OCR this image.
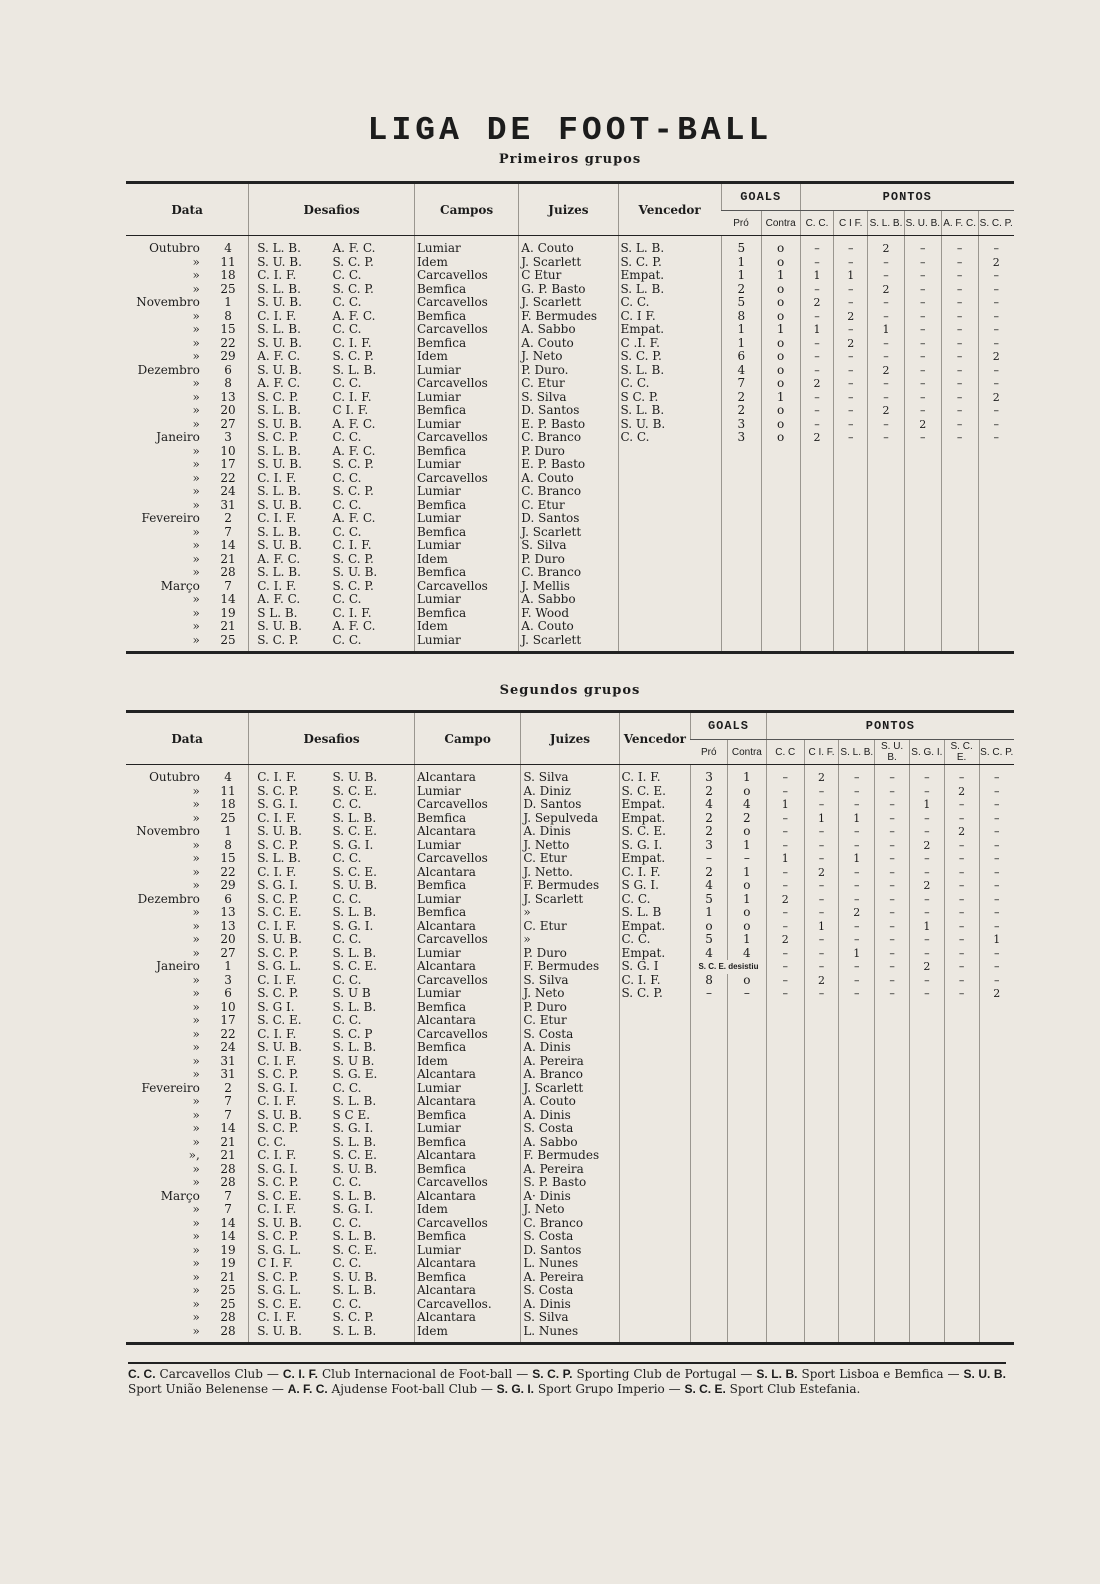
LIGA DE FOOT-BALL
Primeiros grupos
Data		Desafios		Campos	Juizes	Vencedor	GOALS		PONTOS					
							Pró	Contra	C. C.	C I F.	S. L. B.	S. U. B.	A. F. C.	S. C. P.
Outubro	4	S. L. B.	A. F. C.	Lumiar	A. Couto	S. L. B.	5	o	–	–	2	–	–	–
»	11	S. U. B.	S. C. P.	Idem	J. Scarlett	S. C. P.	1	o	–	–	–	–	–	2
»	18	C. I. F.	C. C.	Carcavellos	C Etur	Empat.	1	1	1	1	–	–	–	–
»	25	S. L. B.	S. C. P.	Bemfica	G. P. Basto	S. L. B.	2	o	–	–	2	–	–	–
Novembro	1	S. U. B.	C. C.	Carcavellos	J. Scarlett	C. C.	5	o	2	–	–	–	–	–
»	8	C. I. F.	A. F. C.	Bemfica	F. Bermudes	C. I F.	8	o	–	2	–	–	–	–
»	15	S. L. B.	C. C.	Carcavellos	A. Sabbo	Empat.	1	1	1	–	1	–	–	–
»	22	S. U. B.	C. I. F.	Bemfica	A. Couto	C .I. F.	1	o	–	2	–	–	–	–
»	29	A. F. C.	S. C. P.	Idem	J. Neto	S. C. P.	6	o	–	–	–	–	–	2
Dezembro	6	S. U. B.	S. L. B.	Lumiar	P. Duro.	S. L. B.	4	o	–	–	2	–	–	–
»	8	A. F. C.	C. C.	Carcavellos	C. Etur	C. C.	7	o	2	–	–	–	–	–
»	13	S. C. P.	C. I. F.	Lumiar	S. Silva	S C. P.	2	1	–	–	–	–	–	2
»	20	S. L. B.	C I. F.	Bemfica	D. Santos	S. L. B.	2	o	–	–	2	–	–	–
»	27	S. U. B.	A. F. C.	Lumiar	E. P. Basto	S. U. B.	3	o	–	–	–	2	–	–
Janeiro	3	S. C. P.	C. C.	Carcavellos	C. Branco	C. C.	3	o	2	–	–	–	–	–
»	10	S. L. B.	A. F. C.	Bemfica	P. Duro									
»	17	S. U. B.	S. C. P.	Lumiar	E. P. Basto									
»	22	C. I. F.	C. C.	Carcavellos	A. Couto									
»	24	S. L. B.	S. C. P.	Lumiar	C. Branco									
»	31	S. U. B.	C. C.	Bemfica	C. Etur									
Fevereiro	2	C. I. F.	A. F. C.	Lumiar	D. Santos									
»	7	S. L. B.	C. C.	Bemfica	J. Scarlett									
»	14	S. U. B.	C. I. F.	Lumiar	S. Silva									
»	21	A. F. C.	S. C. P.	Idem	P. Duro									
»	28	S. L. B.	S. U. B.	Bemfica	C. Branco									
Março	7	C. I. F.	S. C. P.	Carcavellos	J. Mellis									
»	14	A. F. C.	C. C.	Lumiar	A. Sabbo									
»	19	S L. B.	C. I. F.	Bemfica	F. Wood									
»	21	S. U. B.	A. F. C.	Idem	A. Couto									
»	25	S. C. P.	C. C.	Lumiar	J. Scarlett									
Segundos grupos
Data		Desafios		Campo	Juizes	Vencedor	GOALS		PONTOS						
							Pró	Contra	C. C	C I. F.	S. L. B.	S. U. B.	S. G. I.	S. C. E.	S. C. P.
Outubro	4	C. I. F.	S. U. B.	Alcantara	S. Silva	C. I. F.	3	1	–	2	–	–	–	–	–
»	11	S. C. P.	S. C. E.	Lumiar	A. Diniz	S. C. E.	2	o	–	–	–	–	–	2	–
»	18	S. G. I.	C. C.	Carcavellos	D. Santos	Empat.	4	4	1	–	–	–	1	–	–
»	25	C. I. F.	S. L. B.	Bemfica	J. Sepulveda	Empat.	2	2	–	1	1	–	–	–	–
Novembro	1	S. U. B.	S. C. E.	Alcantara	A. Dinis	S. C. E.	2	o	–	–	–	–	–	2	–
»	8	S. C. P.	S. G. I.	Lumiar	J. Netto	S. G. I.	3	1	–	–	–	–	2	–	–
»	15	S. L. B.	C. C.	Carcavellos	C. Etur	Empat.	–	–	1	–	1	–	–	–	–
»	22	C. I. F.	S. C. E.	Alcantara	J. Netto.	C. I. F.	2	1	–	2	–	–	–	–	–
»	29	S. G. I.	S. U. B.	Bemfica	F. Bermudes	S G. I.	4	o	–	–	–	–	2	–	–
Dezembro	6	S. C. P.	C. C.	Lumiar	J. Scarlett	C. C.	5	1	2	–	–	–	–	–	–
»	13	S. C. E.	S. L. B.	Bemfica	»	S. L. B	1	o	–	–	2	–	–	–	–
»	13	C. I. F.	S. G. I.	Alcantara	C. Etur	Empat.	o	o	–	1	–	–	1	–	–
»	20	S. U. B.	C. C.	Carcavellos	»	C. C.	5	1	2	–	–	–	–	–	1
»	27	S. C. P.	S. L. B.	Lumiar	P. Duro	Empat.	4	4	–	–	1	–	–	–	–
Janeiro	1	S. G. L.	S. C. E.	Alcantara	F. Bermudes	S. G. I	S. C. E. desistiu		–	–	–	–	2	–	–
»	3	C. I. F.	C. C.	Carcavellos	S. Silva	C. I. F.	8	o	–	2	–	–	–	–	–
»	6	S. C. P.	S. U B	Lumiar	J. Neto	S. C. P.	–	–	–	–	–	–	–	–	2
»	10	S. G I.	S. L. B.	Bemfica	P. Duro										
»	17	S. C. E.	C. C.	Alcantara	C. Etur										
»	22	C. I. F.	S. C. P	Carcavellos	S. Costa										
»	24	S. U. B.	S. L. B.	Bemfica	A. Dinis										
»	31	C. I. F.	S. U B.	Idem	A. Pereira										
»	31	S. C. P.	S. G. E.	Alcantara	A. Branco										
Fevereiro	2	S. G. I.	C. C.	Lumiar	J. Scarlett										
»	7	C. I. F.	S. L. B.	Alcantara	A. Couto										
»	7	S. U. B.	S C E.	Bemfica	A. Dinis										
»	14	S. C. P.	S. G. I.	Lumiar	S. Costa										
»	21	C. C.	S. L. B.	Bemfica	A. Sabbo										
»,	21	C. I. F.	S. C. E.	Alcantara	F. Bermudes										
»	28	S. G. I.	S. U. B.	Bemfica	A. Pereira										
»	28	S. C. P.	C. C.	Carcavellos	S. P. Basto										
Março	7	S. C. E.	S. L. B.	Alcantara	A· Dinis										
»	7	C. I. F.	S. G. I.	Idem	J. Neto										
»	14	S. U. B.	C. C.	Carcavellos	C. Branco										
»	14	S. C. P.	S. L. B.	Bemfica	S. Costa										
»	19	S. G. L.	S. C. E.	Lumiar	D. Santos										
»	19	C I. F.	C. C.	Alcantara	L. Nunes										
»	21	S. C. P.	S. U. B.	Bemfica	A. Pereira										
»	25	S. G. L.	S. L. B.	Alcantara	S. Costa										
»	25	S. C. E.	C. C.	Carcavellos.	A. Dinis										
»	28	C. I. F.	S. C. P.	Alcantara	S. Silva										
»	28	S. U. B.	S. L. B.	Idem	L. Nunes										
C. C. Carcavellos Club — C. I. F. Club Internacional de Foot-ball — S. C. P. Sporting Club de Portugal — S. L. B. Sport Lisboa e Bemfica — S. U. B. Sport União Belenense — A. F. C. Ajudense Foot-ball Club — S. G. I. Sport Grupo Imperio — S. C. E. Sport Club Estefania.
